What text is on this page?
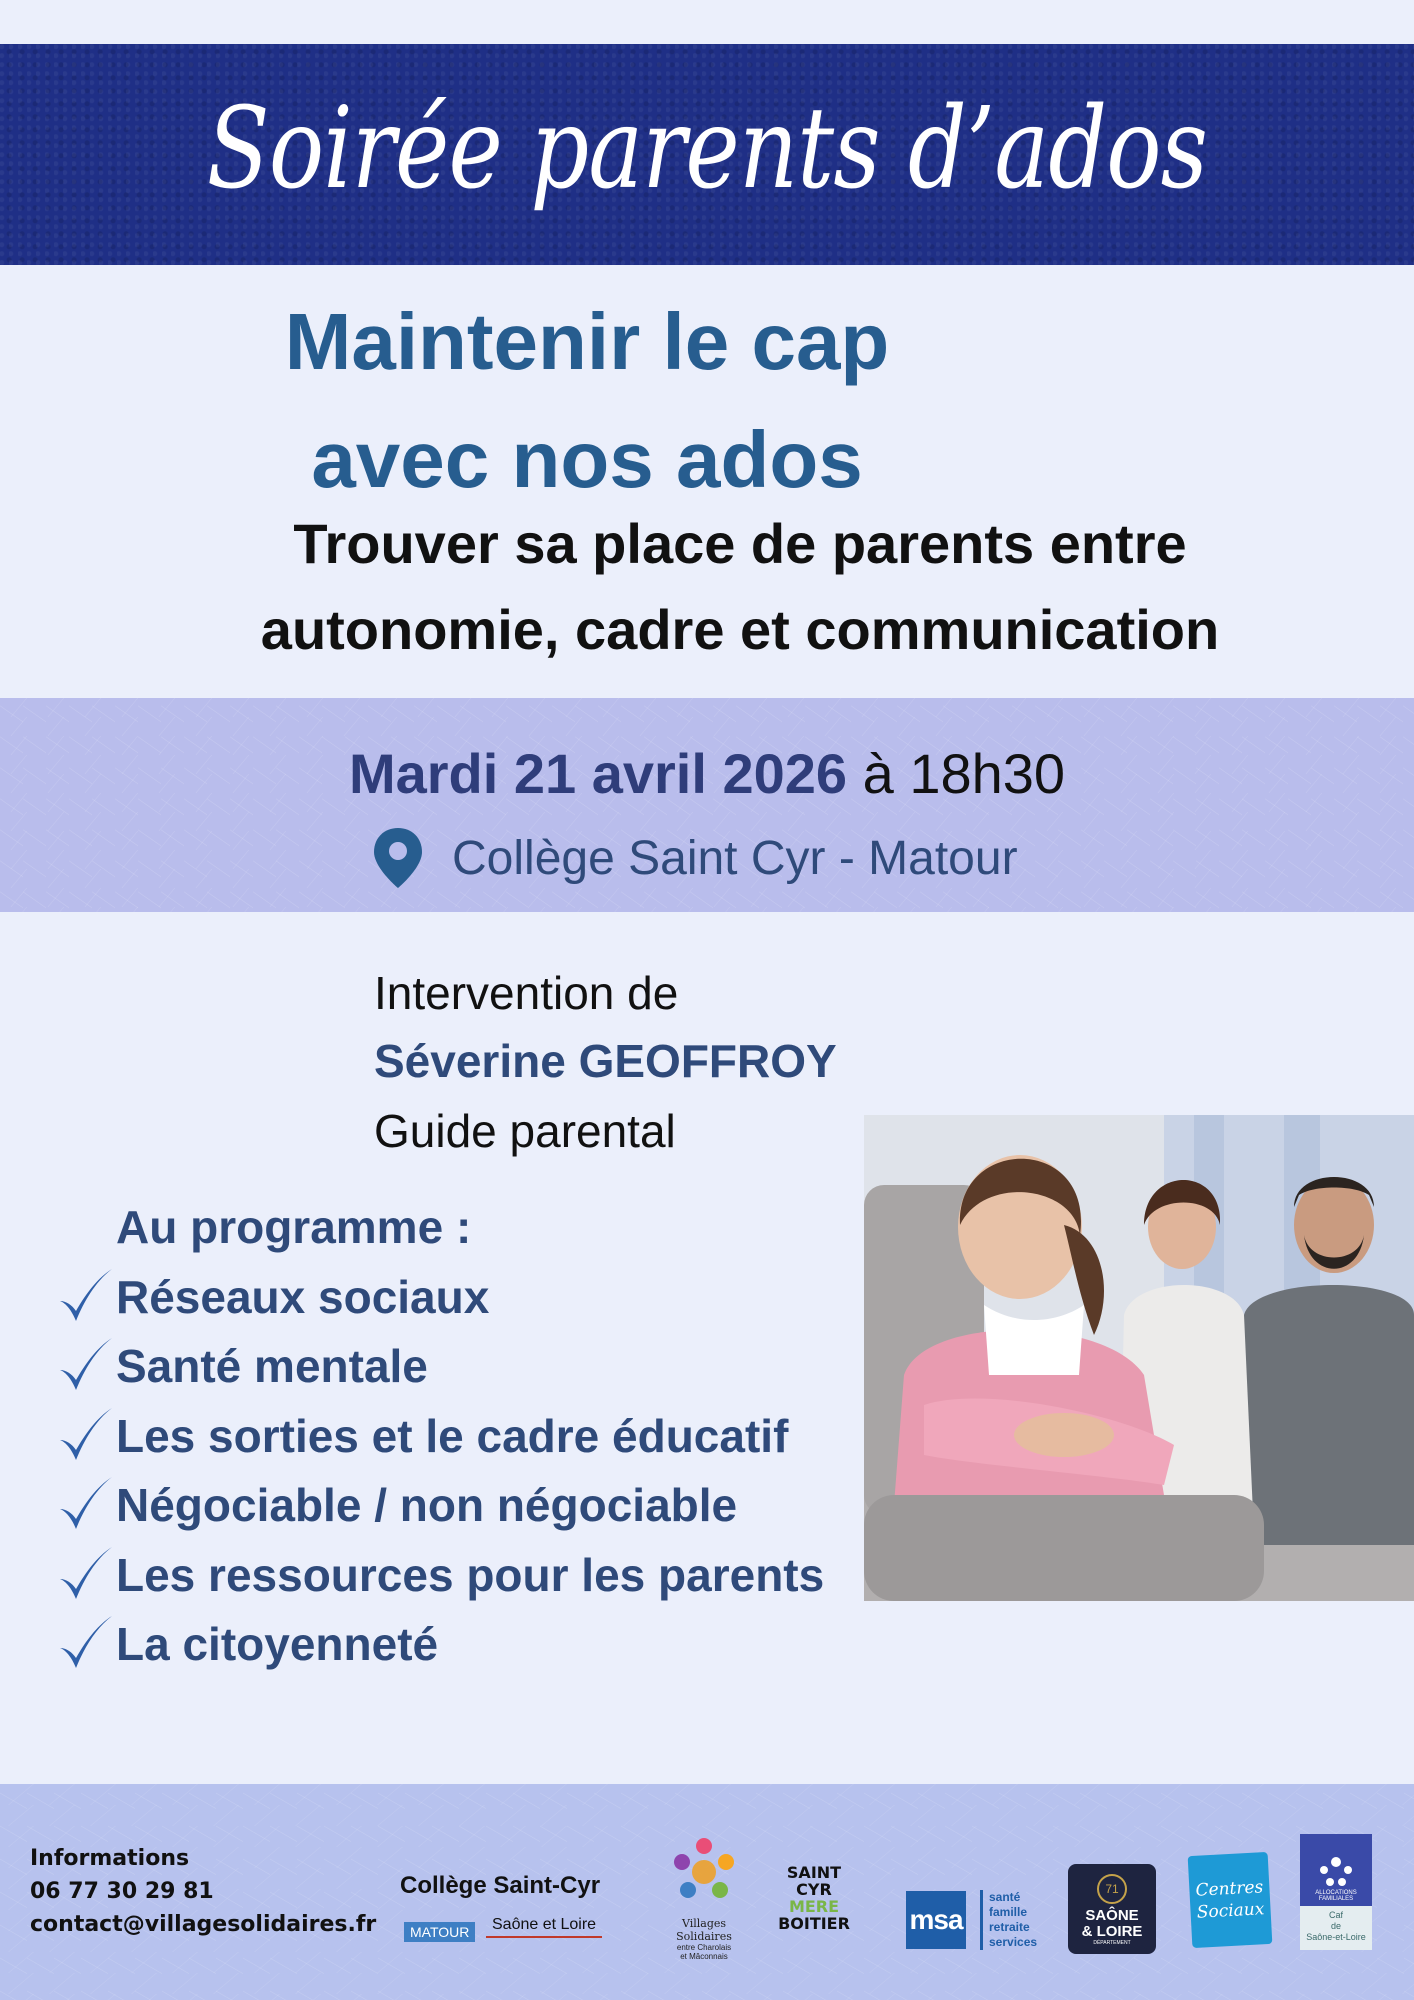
Soirée parents d’ados
Maintenir le cap
avec nos ados
Trouver sa place de parents entre
autonomie, cadre et communication
Mardi 21 avril 2026 à 18h30
Collège Saint Cyr - Matour
Intervention de
Séverine GEOFFROY
Guide parental
Au programme :
Réseaux sociaux
Santé mentale
Les sorties et le cadre éducatif
Négociable / non négociable
Les ressources pour les parents
La citoyenneté
Informations
06 77 30 29 81
contact@villagesolidaires.fr
Collège Saint-Cyr
MATOUR	Saône et Loire	Villages Solidaires
entre Charolais
et Mâconnais
SAINT
CYR
MERE
BOITIER msa
santé
famille
retraite
services
71
SAÔNE
& LOIRE
DÉPARTEMENT
Centres
Sociaux
ALLOCATIONS
FAMILIALES
Caf
de
Saône-et-Loire
